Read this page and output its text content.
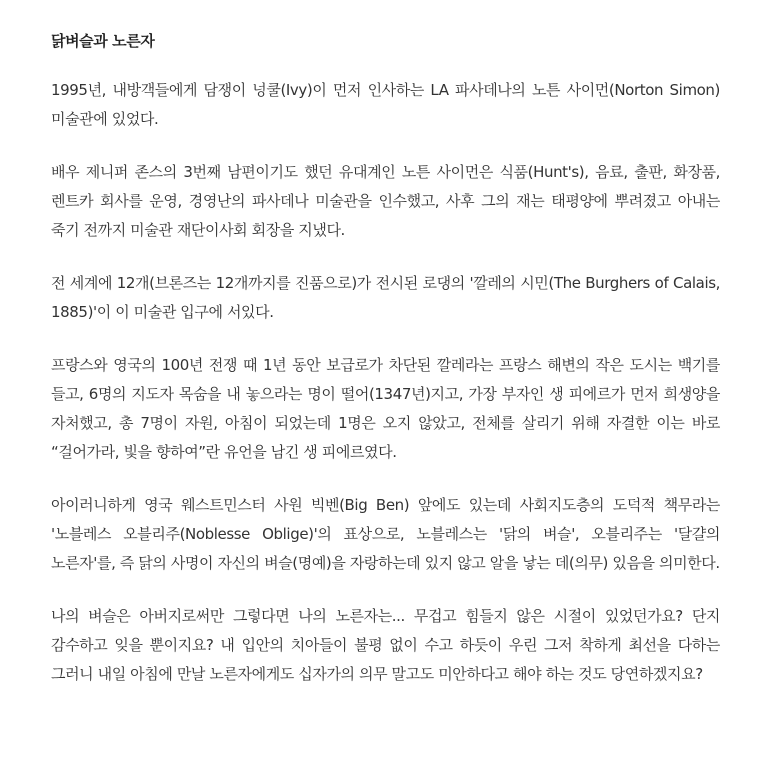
닭벼슬과 노른자

1995년, 내방객들에게 담쟁이 넝쿨(Ivy)이 먼저 인사하는 LA 파사데나의 노튼 사이먼(Norton Simon) 미술관에 있었다.

배우 제니퍼 존스의 3번째 남편이기도 했던 유대계인 노튼 사이먼은 식품(Hunt's), 음료, 출판, 화장품, 렌트카 회사를 운영, 경영난의 파사데나 미술관을 인수했고, 사후 그의 재는 태평양에 뿌려졌고 아내는 죽기 전까지 미술관 재단이사회 회장을 지냈다.

전 세계에 12개(브론즈는 12개까지를 진품으로)가 전시된 로댕의 '깔레의 시민(The Burghers of Calais, 1885)'이 이 미술관 입구에 서있다.

프랑스와 영국의 100년 전쟁 때 1년 동안 보급로가 차단된 깔레라는 프랑스 해변의 작은 도시는 백기를 들고, 6명의 지도자 목숨을 내 놓으라는 명이 떨어(1347년)지고, 가장 부자인 생 피에르가 먼저 희생양을 자처했고, 총 7명이 자원, 아침이 되었는데 1명은 오지 않았고, 전체를 살리기 위해 자결한 이는 바로 “걸어가라, 빛을 향하여”란 유언을 남긴 생 피에르였다.

아이러니하게 영국 웨스트민스터 사원 빅벤(Big Ben) 앞에도 있는데 사회지도층의 도덕적 책무라는 '노블레스 오블리주(Noblesse Oblige)'의 표상으로, 노블레스는 '닭의 벼슬', 오블리주는 '달걀의 노른자'를, 즉 닭의 사명이 자신의 벼슬(명예)을 자랑하는데 있지 않고 알을 낳는 데(의무) 있음을 의미한다.

나의 벼슬은 아버지로써만 그렇다면 나의 노른자는... 무겁고 힘들지 않은 시절이 있었던가요? 단지 감수하고 잊을 뿐이지요? 내 입안의 치아들이 불평 없이 수고 하듯이 우린 그저 착하게 최선을 다하는 그러니 내일 아침에 만날 노른자에게도 십자가의 의무 말고도 미안하다고 해야 하는 것도 당연하겠지요?
